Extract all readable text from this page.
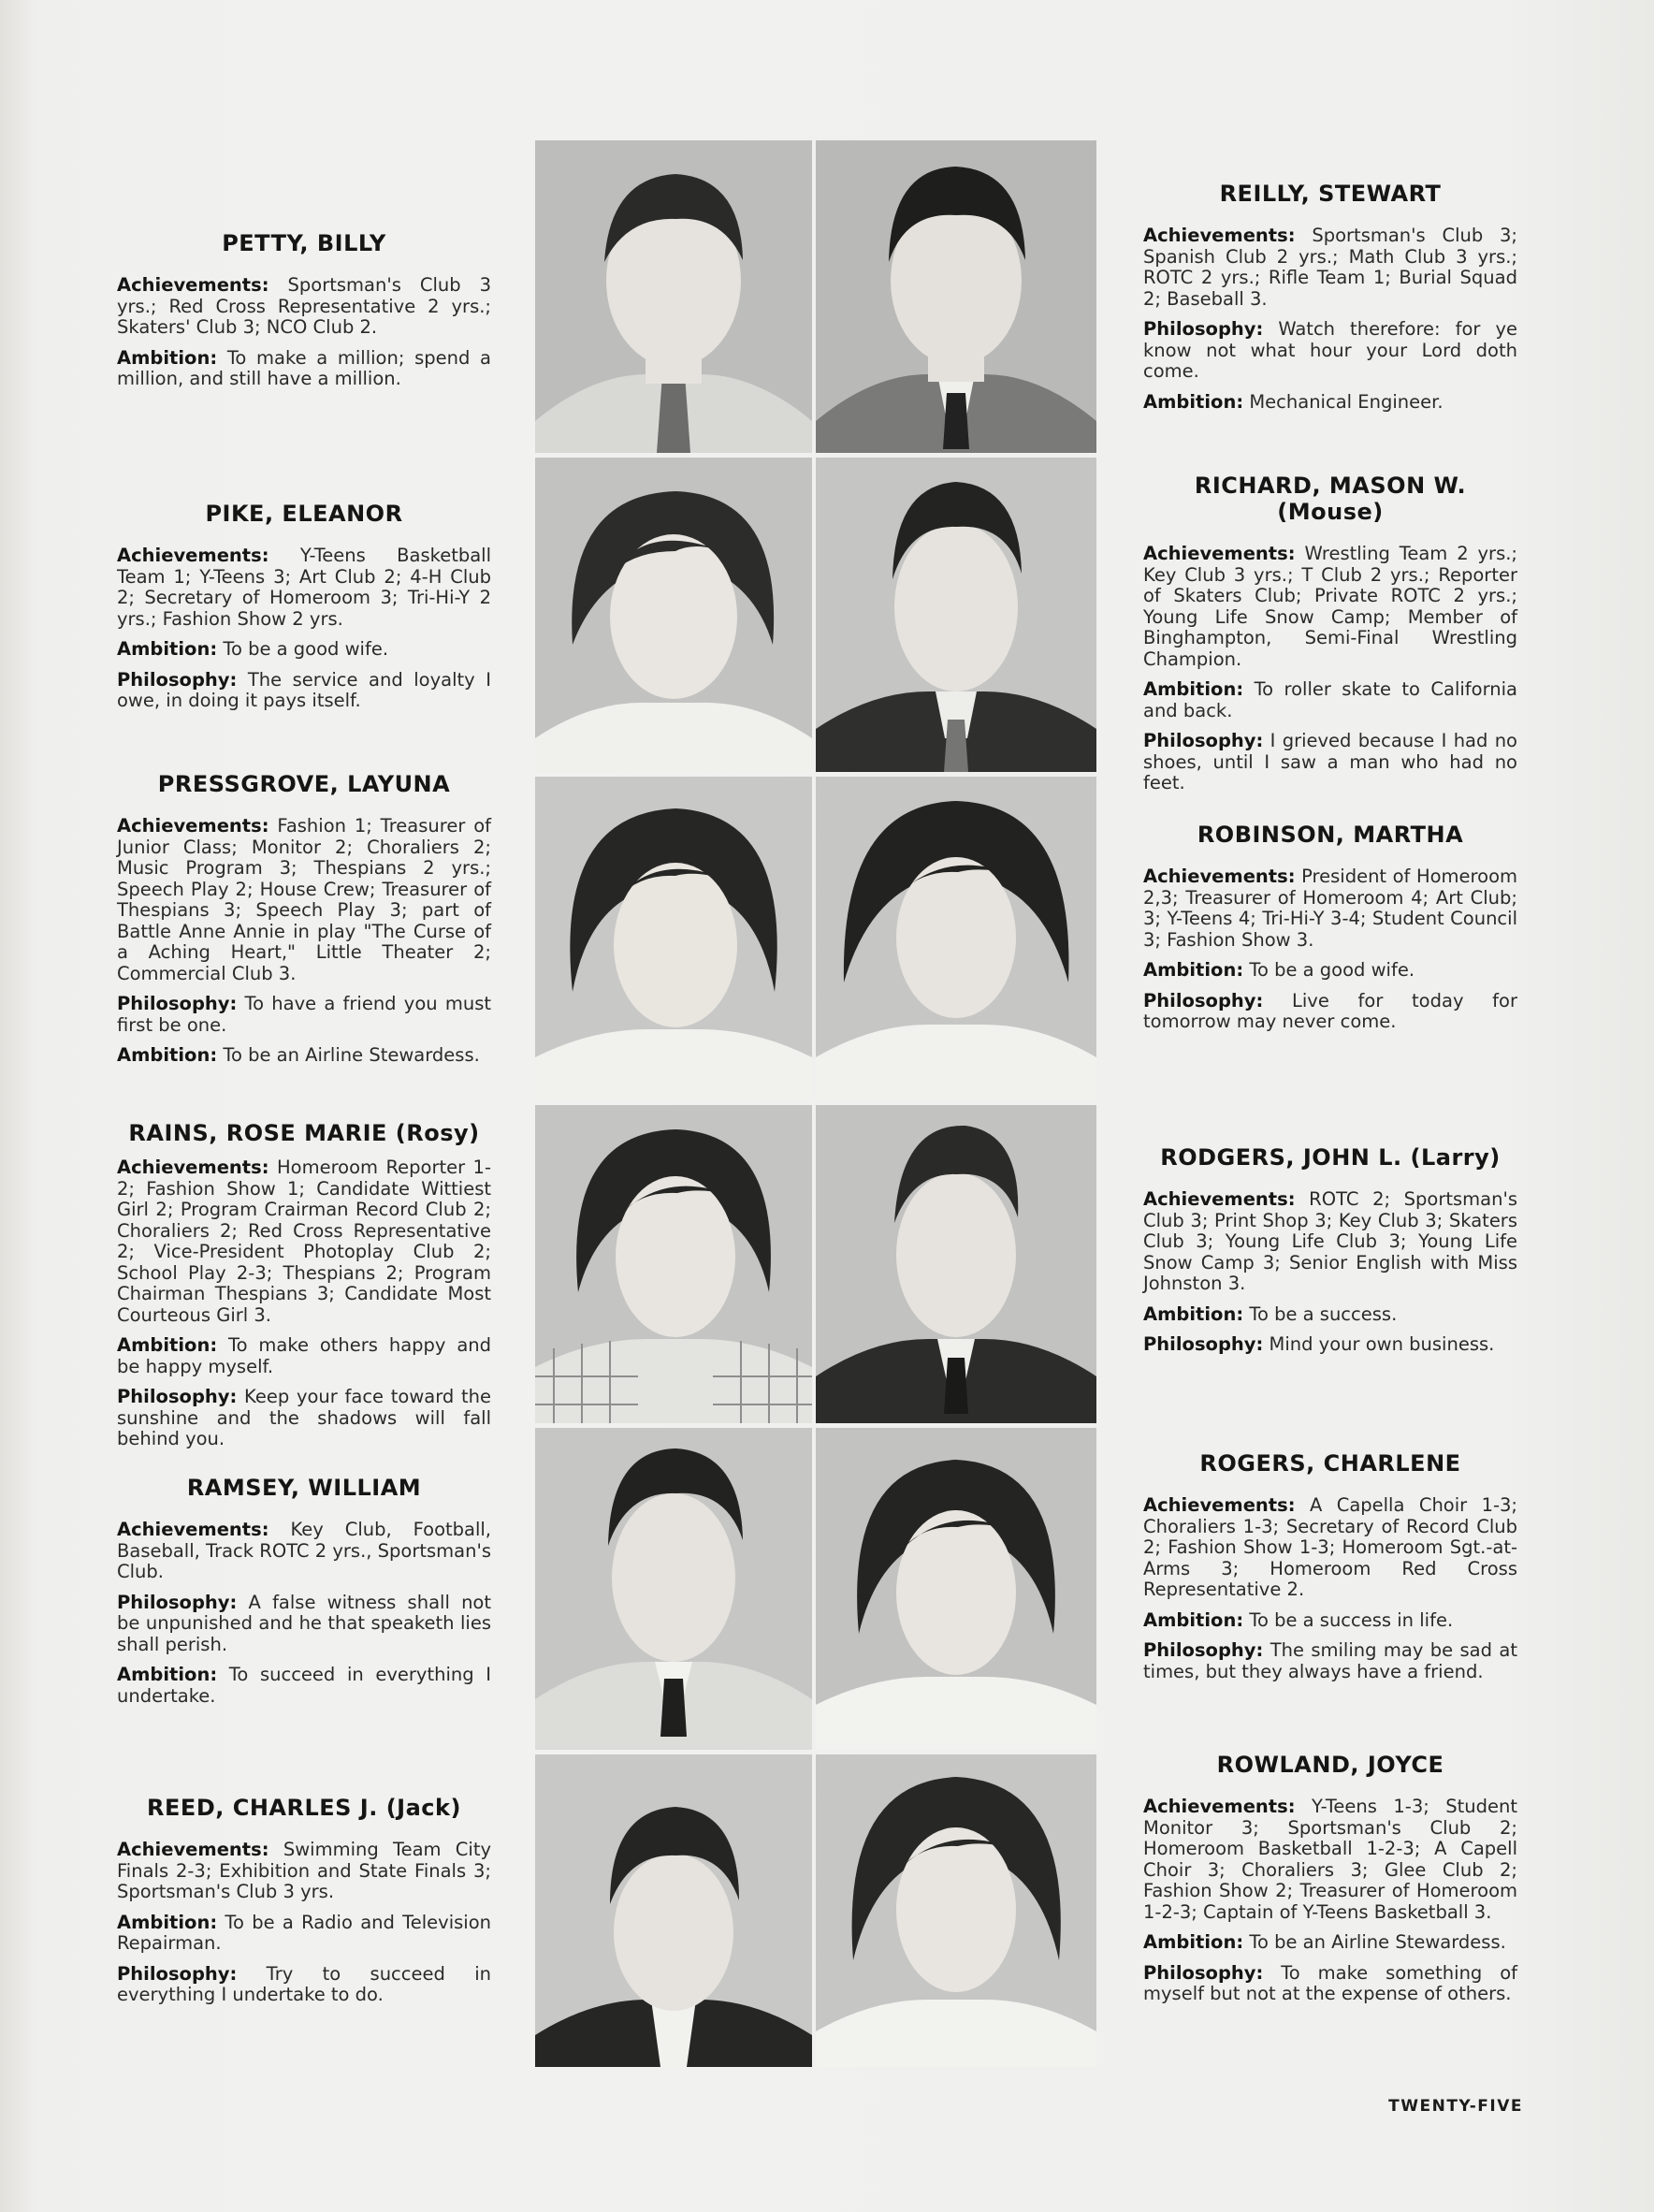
PETTY, BILLY

Achievements: Sportsman's Club 3 yrs.; Red Cross Representative 2 yrs.; Skaters' Club 3; NCO Club 2.

Ambition: To make a million; spend a million, and still have a million.

PIKE, ELEANOR

Achievements: Y-Teens Basketball Team 1; Y-Teens 3; Art Club 2; 4-H Club 2; Secretary of Homeroom 3; Tri-Hi-Y 2 yrs.; Fashion Show 2 yrs.

Ambition: To be a good wife.

Philosophy: The service and loyalty I owe, in doing it pays itself.

PRESSGROVE, LAYUNA

Achievements: Fashion 1; Treasurer of Junior Class; Monitor 2; Choraliers 2; Music Program 3; Thespians 2 yrs.; Speech Play 2; House Crew; Treasurer of Thespians 3; Speech Play 3; part of Battle Anne Annie in play "The Curse of a Aching Heart," Little Theater 2; Commercial Club 3.

Philosophy: To have a friend you must first be one.

Ambition: To be an Airline Stewardess.

RAINS, ROSE MARIE (Rosy)

Achievements: Homeroom Reporter 1-2; Fashion Show 1; Candidate Wittiest Girl 2; Program Crairman Record Club 2; Choraliers 2; Red Cross Representative 2; Vice-President Photoplay Club 2; School Play 2-3; Thespians 2; Program Chairman Thespians 3; Candidate Most Courteous Girl 3.

Ambition: To make others happy and be happy myself.

Philosophy: Keep your face toward the sunshine and the shadows will fall behind you.

RAMSEY, WILLIAM

Achievements: Key Club, Football, Baseball, Track ROTC 2 yrs., Sportsman's Club.

Philosophy: A false witness shall not be unpunished and he that speaketh lies shall perish.

Ambition: To succeed in everything I undertake.

REED, CHARLES J. (Jack)

Achievements: Swimming Team City Finals 2-3; Exhibition and State Finals 3; Sportsman's Club 3 yrs.

Ambition: To be a Radio and Television Repairman.

Philosophy: Try to succeed in everything I undertake to do.

REILLY, STEWART

Achievements: Sportsman's Club 3; Spanish Club 2 yrs.; Math Club 3 yrs.; ROTC 2 yrs.; Rifle Team 1; Burial Squad 2; Baseball 3.

Philosophy: Watch therefore: for ye know not what hour your Lord doth come.

Ambition: Mechanical Engineer.

RICHARD, MASON W. (Mouse)

Achievements: Wrestling Team 2 yrs.; Key Club 3 yrs.; T Club 2 yrs.; Reporter of Skaters Club; Private ROTC 2 yrs.; Young Life Snow Camp; Member of Binghampton, Semi-Final Wrestling Champion.

Ambition: To roller skate to California and back.

Philosophy: I grieved because I had no shoes, until I saw a man who had no feet.

ROBINSON, MARTHA

Achievements: President of Homeroom 2,3; Treasurer of Homeroom 4; Art Club; 3; Y-Teens 4; Tri-Hi-Y 3-4; Student Council 3; Fashion Show 3.

Ambition: To be a good wife.

Philosophy: Live for today for tomorrow may never come.

RODGERS, JOHN L. (Larry)

Achievements: ROTC 2; Sportsman's Club 3; Print Shop 3; Key Club 3; Skaters Club 3; Young Life Club 3; Young Life Snow Camp 3; Senior English with Miss Johnston 3.

Ambition: To be a success.

Philosophy: Mind your own business.

ROGERS, CHARLENE

Achievements: A Capella Choir 1-3; Choraliers 1-3; Secretary of Record Club 2; Fashion Show 1-3; Homeroom Sgt.-at-Arms 3; Homeroom Red Cross Representative 2.

Ambition: To be a success in life.

Philosophy: The smiling may be sad at times, but they always have a friend.

ROWLAND, JOYCE

Achievements: Y-Teens 1-3; Student Monitor 3; Sportsman's Club 2; Homeroom Basketball 1-2-3; A Capell Choir 3; Choraliers 3; Glee Club 2; Fashion Show 2; Treasurer of Homeroom 1-2-3; Captain of Y-Teens Basketball 3.

Ambition: To be an Airline Stewardess.

Philosophy: To make something of myself but not at the expense of others.

TWENTY-FIVE
